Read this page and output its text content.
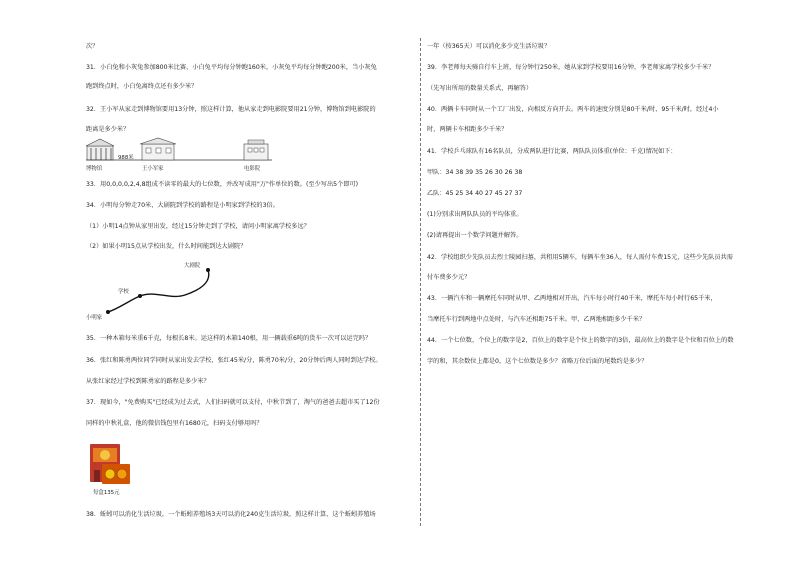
次？
31．小白兔和小灰兔参加800米比赛，小白兔平均每分钟跑160米，小灰兔平均每分钟跑200米，当小灰兔
跑到终点时，小白兔离终点还有多少米？
32．王小军从家走到博物馆要用13分钟，照这样计算，他从家走到电影院要用21分钟，博物馆到电影院的
距离是多少米？
988米
博物馆	王小军家	电影院
33．用0,0,0,0,2,4,8组成不读零的最大的七位数，并改写成用"万"作单位的数。(至少写出5个即可)
34．小明每分钟走70米，大剧院到学校的路程是小明家到学校的3倍。
（1）小明14点钟从家里出发，经过15分钟走到了学校，请问小明家离学校多远？
（2）如果小明15点从学校出发，什么时间能到达大剧院？
大剧院
学校
小明家
35．一种木箱每米重6千克，每根长8米。运这样的木箱140根，用一辆载重6吨的货车一次可以运完吗？
36．张红和陈勇两位同学同时从家出发去学校，张红45米/分，陈勇70米/分，20分钟后两人同时到达学校。
从张红家经过学校到陈勇家的路程是多少米？
37．现如今，"免费购买"已经成为过去式，人们扫码就可以支付，中秋节到了，淘气的爸爸去超市买了12份
同样的中秋礼盒，他的微信钱包里有1680元，扫码支付够用吗？
每盒135元
38．蚯蚓可以消化生活垃圾，一个蚯蚓养殖场3天可以消化240克生活垃圾，照这样计算，这个蚯蚓养殖场
一年（按365天）可以消化多少克生活垃圾？
39．李老师每天骑自行车上班，每分钟行250米，她从家到学校要用16分钟，李老师家离学校多少千米？
（先写出所用的数量关系式，再解答）
40．两辆卡车同时从一个工厂出发，向相反方向开去。两车的速度分别是80千米/时、95千米/时，经过4小
时，两辆卡车相距多少千米？
41．学校乒乓球队有16名队员，分成两队进行比赛，两队队员体重(单位：千克)情况如下：
甲队：34 38 39 35 26 30 26 38
乙队：45 25 34 40 27 45 27 37
(1)分别求出两队队员的平均体重。
(2)请再提出一个数学问题并解答。
42．学校组织少先队员去烈士陵园扫墓，共租用5辆车，每辆车坐36人，每人需付车费15元，这些少先队员共需
付车费多少元？
43．一辆汽车和一辆摩托车同时从甲、乙两地相对开出，汽车每小时行40千米，摩托车每小时行65千米，
当摩托车行到两地中点处时，与汽车还相距75千米。甲、乙两地相距多少千米？
44．一个七位数，个位上的数字是2，百位上的数字是个位上的数字的3倍，最高位上的数字是个位和百位上的数
字的和，其余数位上都是0，这个七位数是多少？省略万位后面的尾数约是多少？
